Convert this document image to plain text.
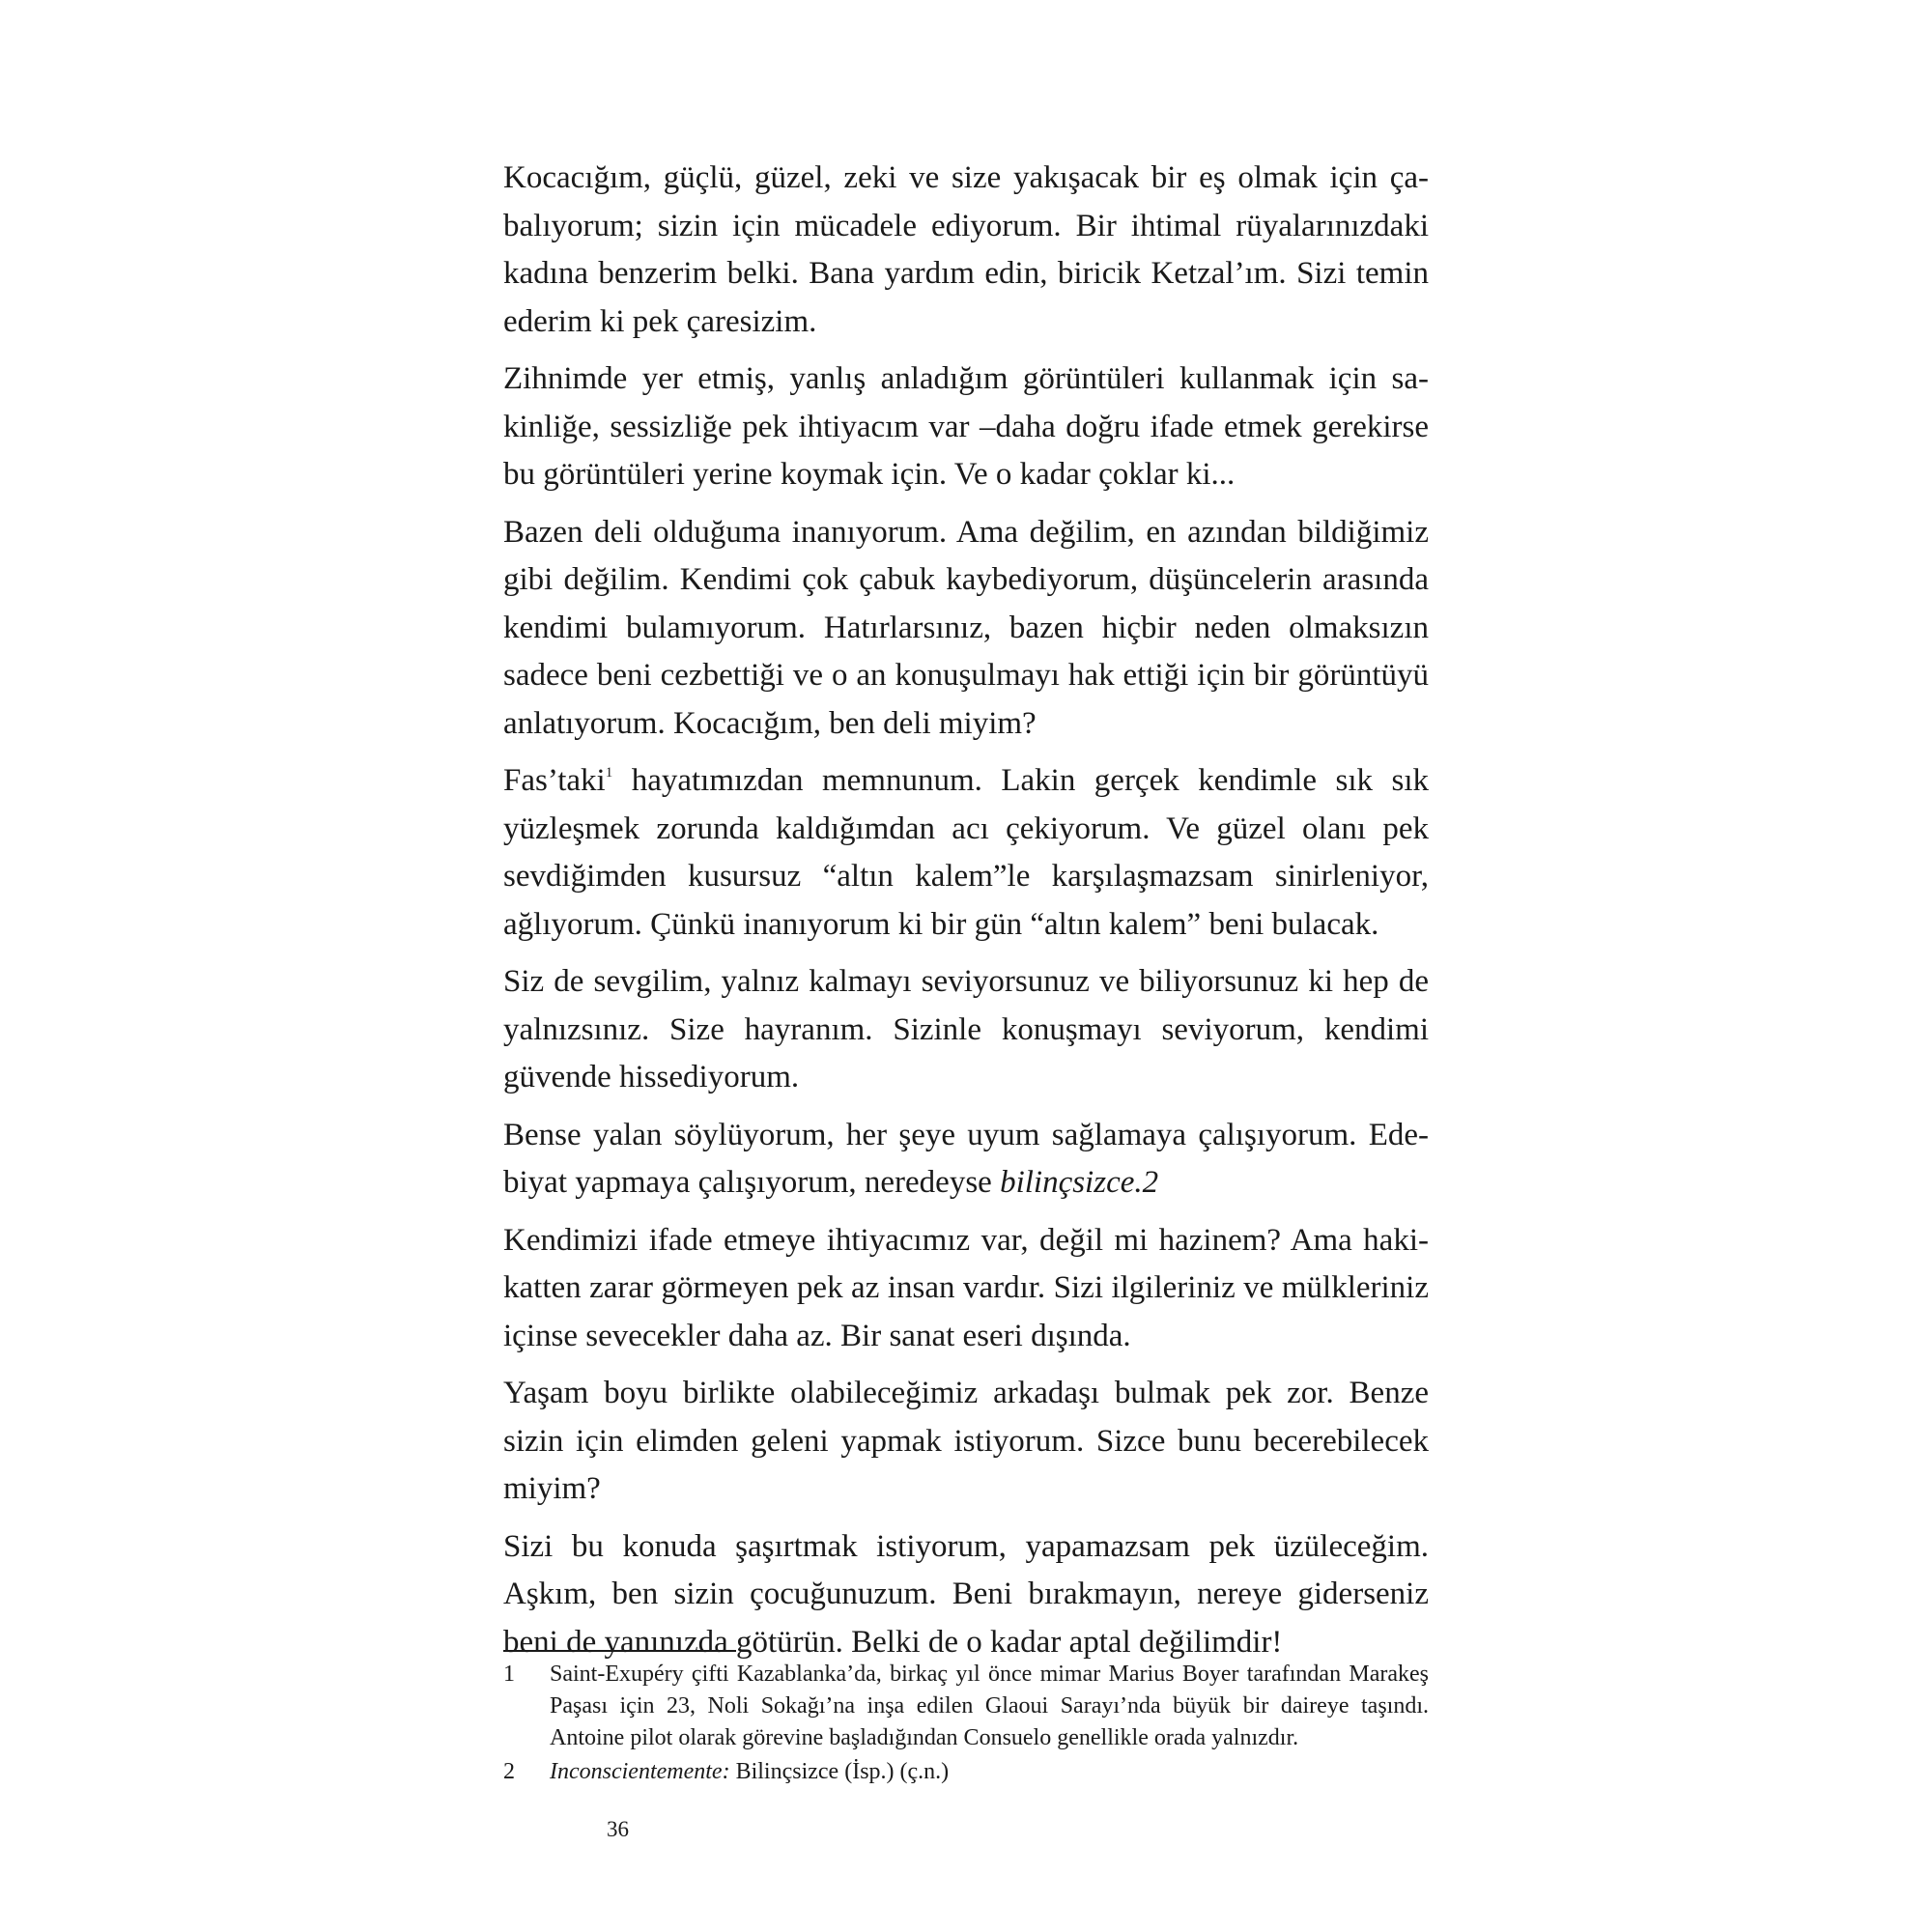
Kocacığım, güçlü, güzel, zeki ve size yakışacak bir eş olmak için çabalıyorum; sizin için mücadele ediyorum. Bir ihtimal rüyalarınızdaki kadına benzerim belki. Bana yardım edin, biricik Ketzal’ım. Sizi temin ederim ki pek çaresizim.

Zihnimde yer etmiş, yanlış anladığım görüntüleri kullanmak için sakinliğe, sessizliğe pek ihtiyacım var –daha doğru ifade etmek gerekirse bu görüntüleri yerine koymak için. Ve o kadar çoklar ki...

Bazen deli olduğuma inanıyorum. Ama değilim, en azından bildiğimiz gibi değilim. Kendimi çok çabuk kaybediyorum, düşüncelerin arasında kendimi bulamıyorum. Hatırlarsınız, bazen hiçbir neden olmaksızın sadece beni cezbettiği ve o an konuşulmayı hak ettiği için bir görüntüyü anlatıyorum. Kocacığım, ben deli miyim?

Fas’taki$^1$ hayatımızdan memnunum. Lakin gerçek kendimle sık sık yüzleşmek zorunda kaldığımdan acı çekiyorum. Ve güzel olanı pek sevdiğimden kusursuz “altın kalem”le karşılaşmazsam sinirleniyor, ağlıyorum. Çünkü inanıyorum ki bir gün “altın kalem” beni bulacak.

Siz de sevgilim, yalnız kalmayı seviyorsunuz ve biliyorsunuz ki hep de yalnızsınız. Size hayranım. Sizinle konuşmayı seviyorum, kendimi güvende hissediyorum.

Bense yalan söylüyorum, her şeye uyum sağlamaya çalışıyorum. Edebiyat yapmaya çalışıyorum, neredeyse bilinçsizce.2

Kendimizi ifade etmeye ihtiyacımız var, değil mi hazinem? Ama hakikatten zarar görmeyen pek az insan vardır. Sizi ilgileriniz ve mülkleriniz içinse sevecekler daha az. Bir sanat eseri dışında.

Yaşam boyu birlikte olabileceğimiz arkadaşı bulmak pek zor. Benze sizin için elimden geleni yapmak istiyorum. Sizce bunu becerebilecek miyim?

Sizi bu konuda şaşırtmak istiyorum, yapamazsam pek üzüleceğim. Aşkım, ben sizin çocuğunuzum. Beni bırakmayın, nereye giderseniz beni de yanınızda götürün. Belki de o kadar aptal değilimdir!

1	Saint-Exupéry çifti Kazablanka’da, birkaç yıl önce mimar Marius Boyer tarafından Marakeş Paşası için 23, Noli Sokağı’na inşa edilen Glaoui Sarayı’nda büyük bir daireye taşındı. Antoine pilot olarak görevine başladığından Consuelo genellikle orada yalnızdır.
2	Inconscientemente: Bilinçsizce (İsp.) (ç.n.)
36
